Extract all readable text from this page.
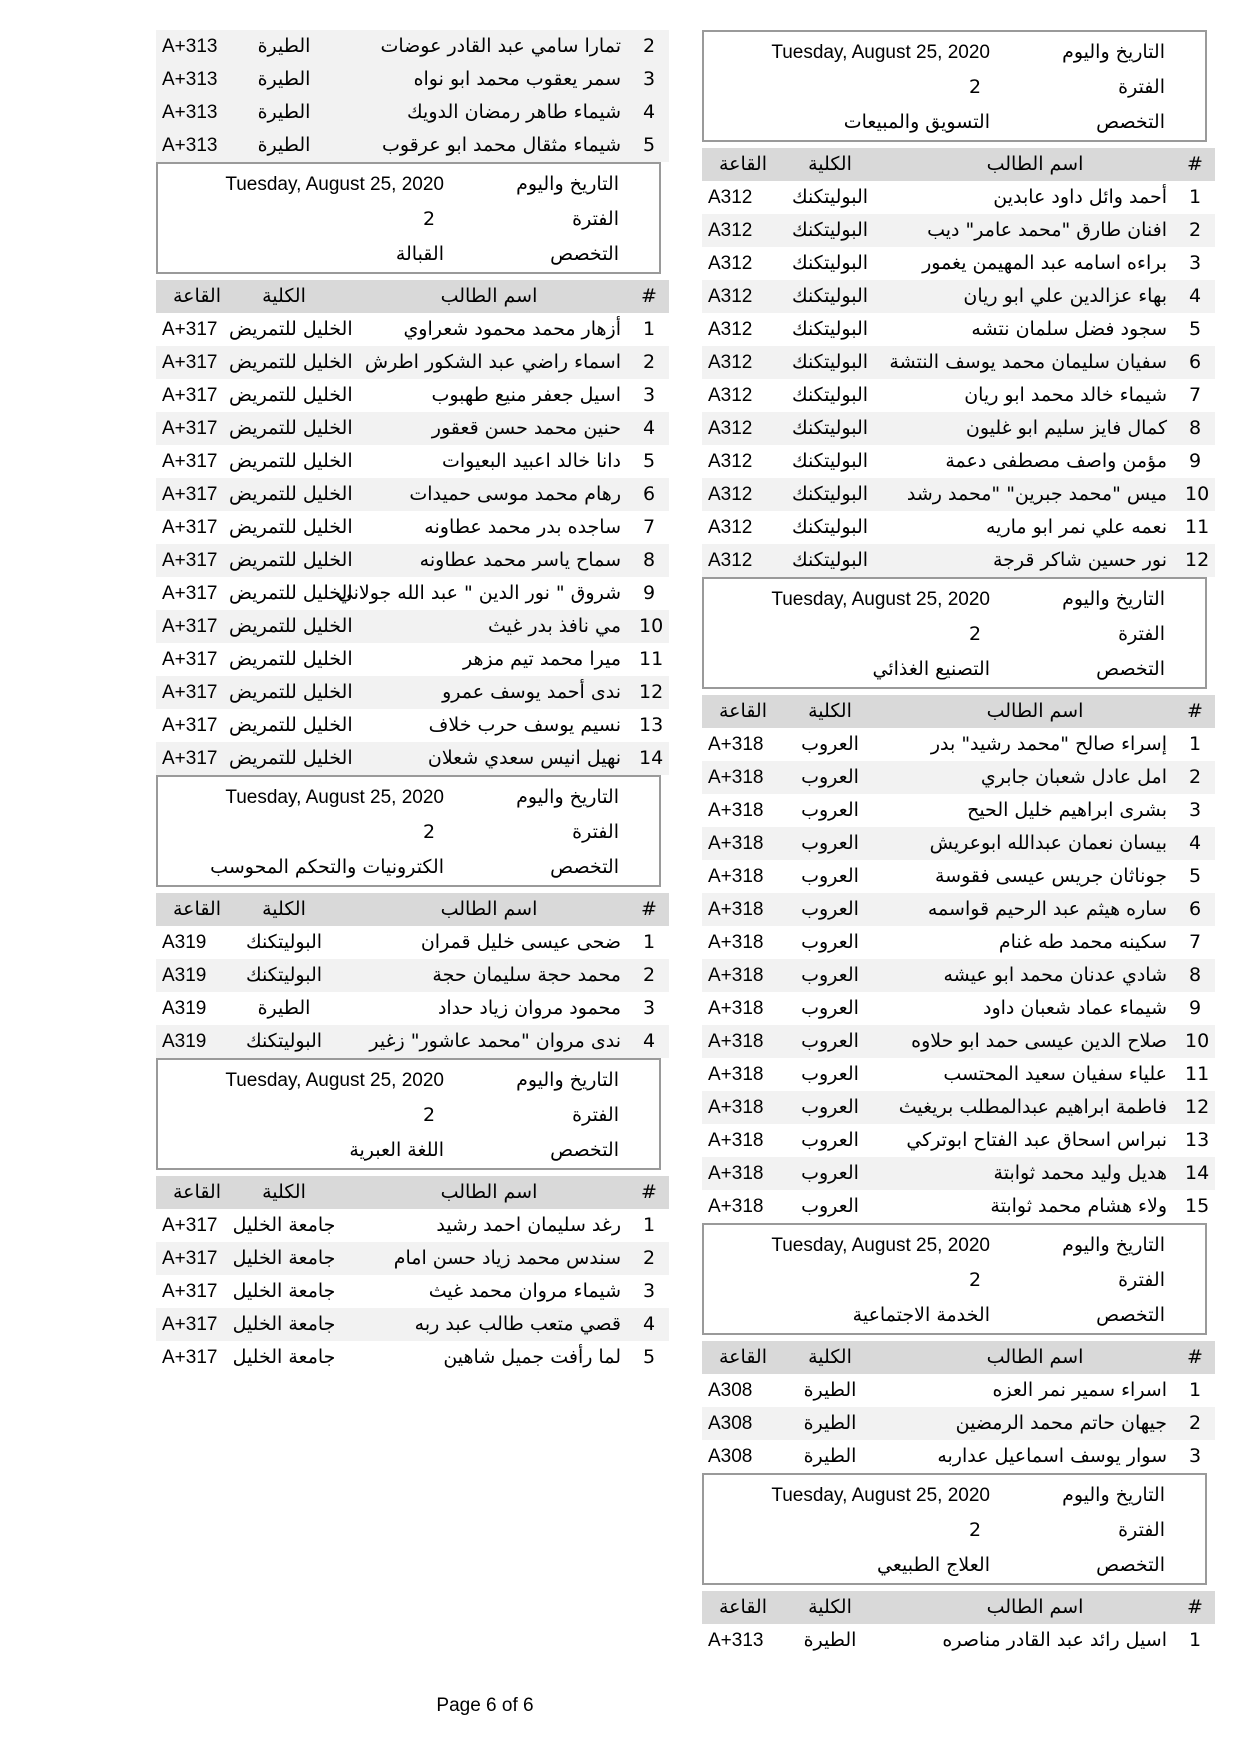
التاريخ واليوم
Tuesday, August 25, 2020
الفترة
2
التخصص
التسويق والمبيعات
#
اسم الطالب
الكلية
القاعة
1
أحمد وائل داود عابدين
البوليتكنك
A312
2
افنان طارق "محمد عامر" ديب
البوليتكنك
A312
3
براءه اسامه عبد المهيمن يغمور
البوليتكنك
A312
4
بهاء عزالدين علي ابو ريان
البوليتكنك
A312
5
سجود فضل سلمان نتشه
البوليتكنك
A312
6
سفيان سليمان محمد يوسف النتشة
البوليتكنك
A312
7
شيماء خالد محمد ابو ريان
البوليتكنك
A312
8
كمال فايز سليم ابو غليون
البوليتكنك
A312
9
مؤمن واصف مصطفى دعمة
البوليتكنك
A312
10
ميس "محمد جبرين" "محمد رشد
البوليتكنك
A312
11
نعمه علي نمر ابو ماريه
البوليتكنك
A312
12
نور حسين شاكر قرجة
البوليتكنك
A312
التاريخ واليوم
Tuesday, August 25, 2020
الفترة
2
التخصص
التصنيع الغذائي
#
اسم الطالب
الكلية
القاعة
1
إسراء صالح "محمد رشيد" بدر
العروب
A+318
2
امل عادل شعبان جابري
العروب
A+318
3
بشرى ابراهيم خليل الحيح
العروب
A+318
4
بيسان نعمان عبدالله ابوعريش
العروب
A+318
5
جوناثان جريس عيسى فقوسة
العروب
A+318
6
ساره هيثم عبد الرحيم قواسمه
العروب
A+318
7
سكينه محمد طه غنام
العروب
A+318
8
شادي عدنان محمد ابو عيشه
العروب
A+318
9
شيماء عماد شعبان داود
العروب
A+318
10
صلاح الدين عيسى حمد ابو حلاوه
العروب
A+318
11
علياء سفيان سعيد المحتسب
العروب
A+318
12
فاطمة ابراهيم عبدالمطلب بريغيث
العروب
A+318
13
نبراس اسحاق عبد الفتاح ابوتركي
العروب
A+318
14
هديل وليد محمد ثوابتة
العروب
A+318
15
ولاء هشام محمد ثوابتة
العروب
A+318
التاريخ واليوم
Tuesday, August 25, 2020
الفترة
2
التخصص
الخدمة الاجتماعية
#
اسم الطالب
الكلية
القاعة
1
اسراء سمير نمر العزه
الطيرة
A308
2
جيهان حاتم محمد الرمضين
الطيرة
A308
3
سوار يوسف اسماعيل عداربه
الطيرة
A308
التاريخ واليوم
Tuesday, August 25, 2020
الفترة
2
التخصص
العلاج الطبيعي
#
اسم الطالب
الكلية
القاعة
1
اسيل رائد عبد القادر مناصره
الطيرة
A+313
2
تمارا سامي عبد القادر عوضات
الطيرة
A+313
3
سمر يعقوب محمد ابو نواه
الطيرة
A+313
4
شيماء طاهر رمضان الدويك
الطيرة
A+313
5
شيماء مثقال محمد ابو عرقوب
الطيرة
A+313
التاريخ واليوم
Tuesday, August 25, 2020
الفترة
2
التخصص
القبالة
#
اسم الطالب
الكلية
القاعة
1
أزهار محمد محمود شعراوي
الخليل للتمريض
A+317
2
اسماء راضي عبد الشكور اطرش
الخليل للتمريض
A+317
3
اسيل جعفر منيع طهبوب
الخليل للتمريض
A+317
4
حنين محمد حسن قعقور
الخليل للتمريض
A+317
5
دانا خالد اعبيد البعيوات
الخليل للتمريض
A+317
6
رهام محمد موسى حميدات
الخليل للتمريض
A+317
7
ساجده بدر محمد عطاونه
الخليل للتمريض
A+317
8
سماح ياسر محمد عطاونه
الخليل للتمريض
A+317
9
شروق " نور الدين " عبد الله جولاني
الخليل للتمريض
A+317
10
مي نافذ بدر غيث
الخليل للتمريض
A+317
11
ميرا محمد تيم مزهر
الخليل للتمريض
A+317
12
ندى أحمد يوسف عمرو
الخليل للتمريض
A+317
13
نسيم يوسف حرب خلاف
الخليل للتمريض
A+317
14
نهيل انيس سعدي شعلان
الخليل للتمريض
A+317
التاريخ واليوم
Tuesday, August 25, 2020
الفترة
2
التخصص
الكترونيات والتحكم المحوسب
#
اسم الطالب
الكلية
القاعة
1
ضحى عيسى خليل قمران
البوليتكنك
A319
2
محمد حجة سليمان حجة
البوليتكنك
A319
3
محمود مروان زياد حداد
الطيرة
A319
4
ندى مروان "محمد عاشور" زغير
البوليتكنك
A319
التاريخ واليوم
Tuesday, August 25, 2020
الفترة
2
التخصص
اللغة العبرية
#
اسم الطالب
الكلية
القاعة
1
رغد سليمان احمد رشيد
جامعة الخليل
A+317
2
سندس محمد زياد حسن امام
جامعة الخليل
A+317
3
شيماء مروان محمد غيث
جامعة الخليل
A+317
4
قصي متعب طالب عبد ربه
جامعة الخليل
A+317
5
لما رأفت جميل شاهين
جامعة الخليل
A+317
Page 6 of 6
